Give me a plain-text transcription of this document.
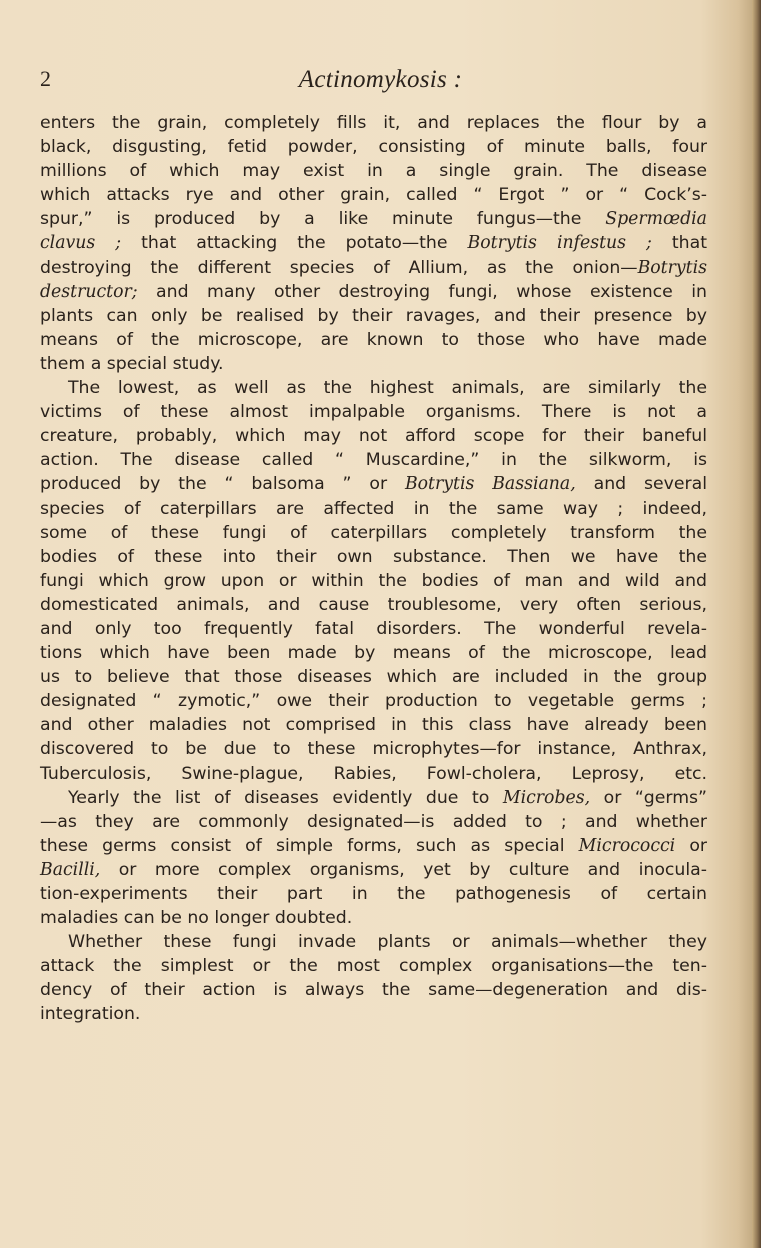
2	Actinomykosis :
enters the grain, completely fills it, and replaces the flour by a
black, disgusting, fetid powder, consisting of minute balls, four
millions of which may exist in a single grain. The disease
which attacks rye and other grain, called “ Ergot ” or “ Cock’s-
spur,” is produced by a like minute fungus—the Spermœdia
clavus ; that attacking the potato—the Botrytis infestus ; that
destroying the different species of Allium, as the onion—Botrytis
destructor; and many other destroying fungi, whose existence in
plants can only be realised by their ravages, and their presence by
means of the microscope, are known to those who have made
them a special study.
The lowest, as well as the highest animals, are similarly the
victims of these almost impalpable organisms. There is not a
creature, probably, which may not afford scope for their baneful
action. The disease called “ Muscardine,” in the silkworm, is
produced by the “ balsoma ” or Botrytis Bassiana, and several
species of caterpillars are affected in the same way ; indeed,
some of these fungi of caterpillars completely transform the
bodies of these into their own substance. Then we have the
fungi which grow upon or within the bodies of man and wild and
domesticated animals, and cause troublesome, very often serious,
and only too frequently fatal disorders. The wonderful revela-
tions which have been made by means of the microscope, lead
us to believe that those diseases which are included in the group
designated “ zymotic,” owe their production to vegetable germs ;
and other maladies not comprised in this class have already been
discovered to be due to these microphytes—for instance, Anthrax,
Tuberculosis, Swine-plague, Rabies, Fowl-cholera, Leprosy, etc.
Yearly the list of diseases evidently due to Microbes, or “germs”
—as they are commonly designated—is added to ; and whether
these germs consist of simple forms, such as special Micrococci or
Bacilli, or more complex organisms, yet by culture and inocula-
tion-experiments their part in the pathogenesis of certain
maladies can be no longer doubted.
Whether these fungi invade plants or animals—whether they
attack the simplest or the most complex organisations—the ten-
dency of their action is always the same—degeneration and dis-
integration.
